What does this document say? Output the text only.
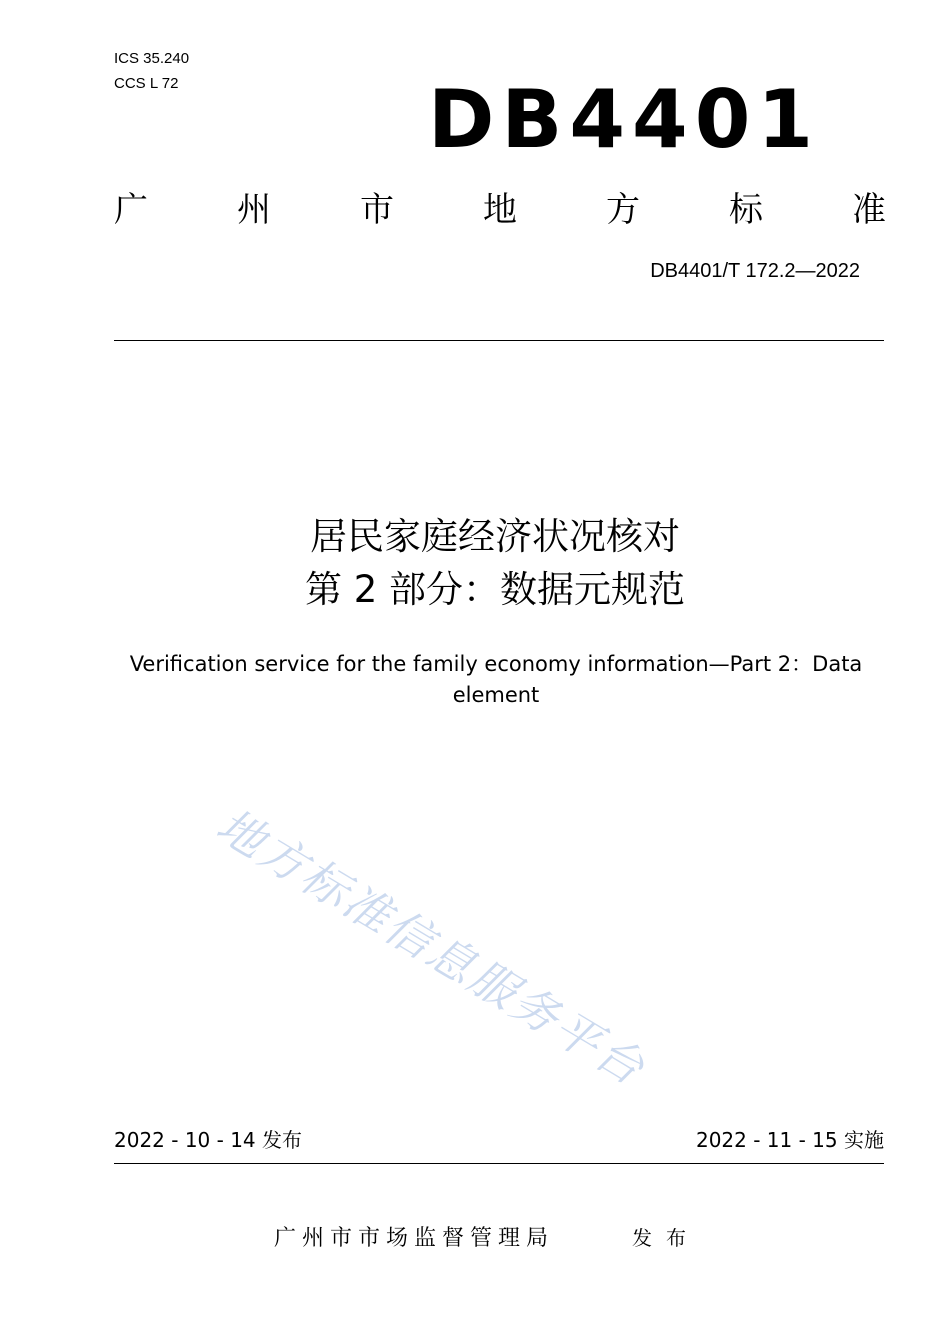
ICS 35.240
CCS L 72	DB4401
广	州	市	地	方	标	准
DB4401/T 172.2—2022
居民家庭经济状况核对
第 2 部分：数据元规范
Verification service for the family economy information—Part 2：Data element
地方标准信息服务平台
2022 - 10 - 14 发布	2022 - 11 - 15 实施
广州市市场监督管理局	发布
